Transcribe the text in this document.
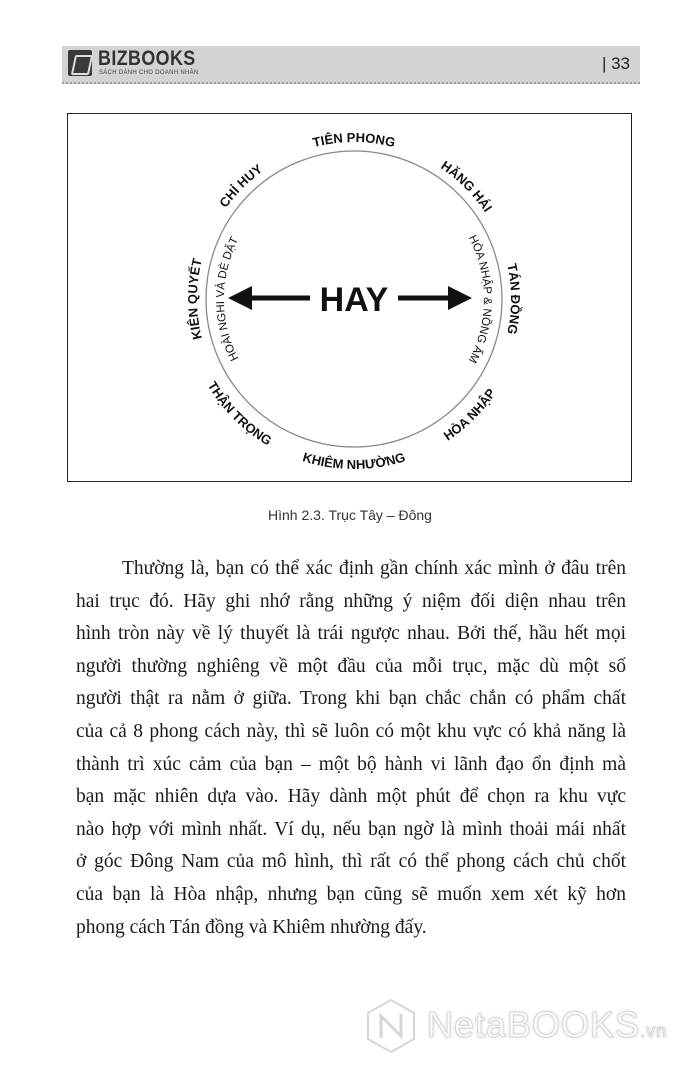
BIZBOOKS
SÁCH DÀNH CHO DOANH NHÂN	| 33
HAY
TIÊN PHONG
HĂNG HÁI
TÁN ĐỒNG
HÒA NHẬP
KHIÊM NHƯỜNG
THẬN TRỌNG
KIÊN QUYẾT
CHỈ HUY
HOÀI NGHI VÀ DÈ DẶT	HÒA NHẬP & NỒNG ẤM
Hình 2.3. Trục Tây – Đông
Thường là, bạn có thể xác định gần chính xác mình ở đâu trên
hai trục đó. Hãy ghi nhớ rằng những ý niệm đối diện nhau trên
hình tròn này về lý thuyết là trái ngược nhau. Bởi thế, hầu hết mọi
người thường nghiêng về một đầu của mỗi trục, mặc dù một số
người thật ra nằm ở giữa. Trong khi bạn chắc chắn có phẩm chất
của cả 8 phong cách này, thì sẽ luôn có một khu vực có khả năng là
thành trì xúc cảm của bạn – một bộ hành vi lãnh đạo ổn định mà
bạn mặc nhiên dựa vào. Hãy dành một phút để chọn ra khu vực
nào hợp với mình nhất. Ví dụ, nếu bạn ngờ là mình thoải mái nhất
ở góc Đông Nam của mô hình, thì rất có thể phong cách chủ chốt
của bạn là Hòa nhập, nhưng bạn cũng sẽ muốn xem xét kỹ hơn
phong cách Tán đồng và Khiêm nhường đấy.
NetaBOOKS.vn
